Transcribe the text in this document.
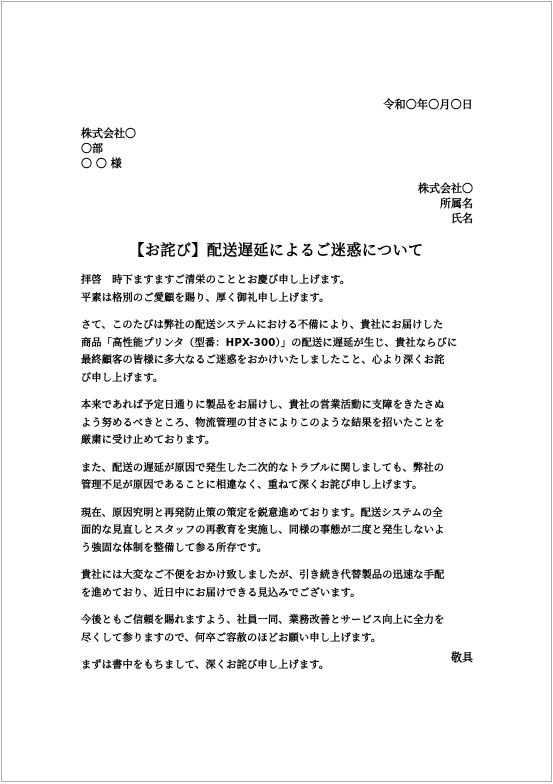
令和〇年〇月〇日
株式会社〇
〇部
〇 〇 様
株式会社〇
所属名
氏名
【お詫び】配送遅延によるご迷惑について
拝啓　時下ますますご清栄のこととお慶び申し上げます。
平素は格別のご愛顧を賜り、厚く御礼申し上げます。
さて、このたびは弊社の配送システムにおける不備により、貴社にお届けした
商品「高性能プリンタ（型番：HPX-300）」の配送に遅延が生じ、貴社ならびに
最終顧客の皆様に多大なるご迷惑をおかけいたしましたこと、心より深くお詫
び申し上げます。
本来であれば予定日通りに製品をお届けし、貴社の営業活動に支障をきたさぬ
よう努めるべきところ、物流管理の甘さによりこのような結果を招いたことを
厳粛に受け止めております。
また、配送の遅延が原因で発生した二次的なトラブルに関しましても、弊社の
管理不足が原因であることに相違なく、重ねて深くお詫び申し上げます。
現在、原因究明と再発防止策の策定を鋭意進めております。配送システムの全
面的な見直しとスタッフの再教育を実施し、同様の事態が二度と発生しないよ
う強固な体制を整備して参る所存です。
貴社には大変なご不便をおかけ致しましたが、引き続き代替製品の迅速な手配
を進めており、近日中にお届けできる見込みでございます。
今後ともご信頼を賜れますよう、社員一同、業務改善とサービス向上に全力を
尽くして参りますので、何卒ご容赦のほどお願い申し上げます。
まずは書中をもちまして、深くお詫び申し上げます。
敬具
